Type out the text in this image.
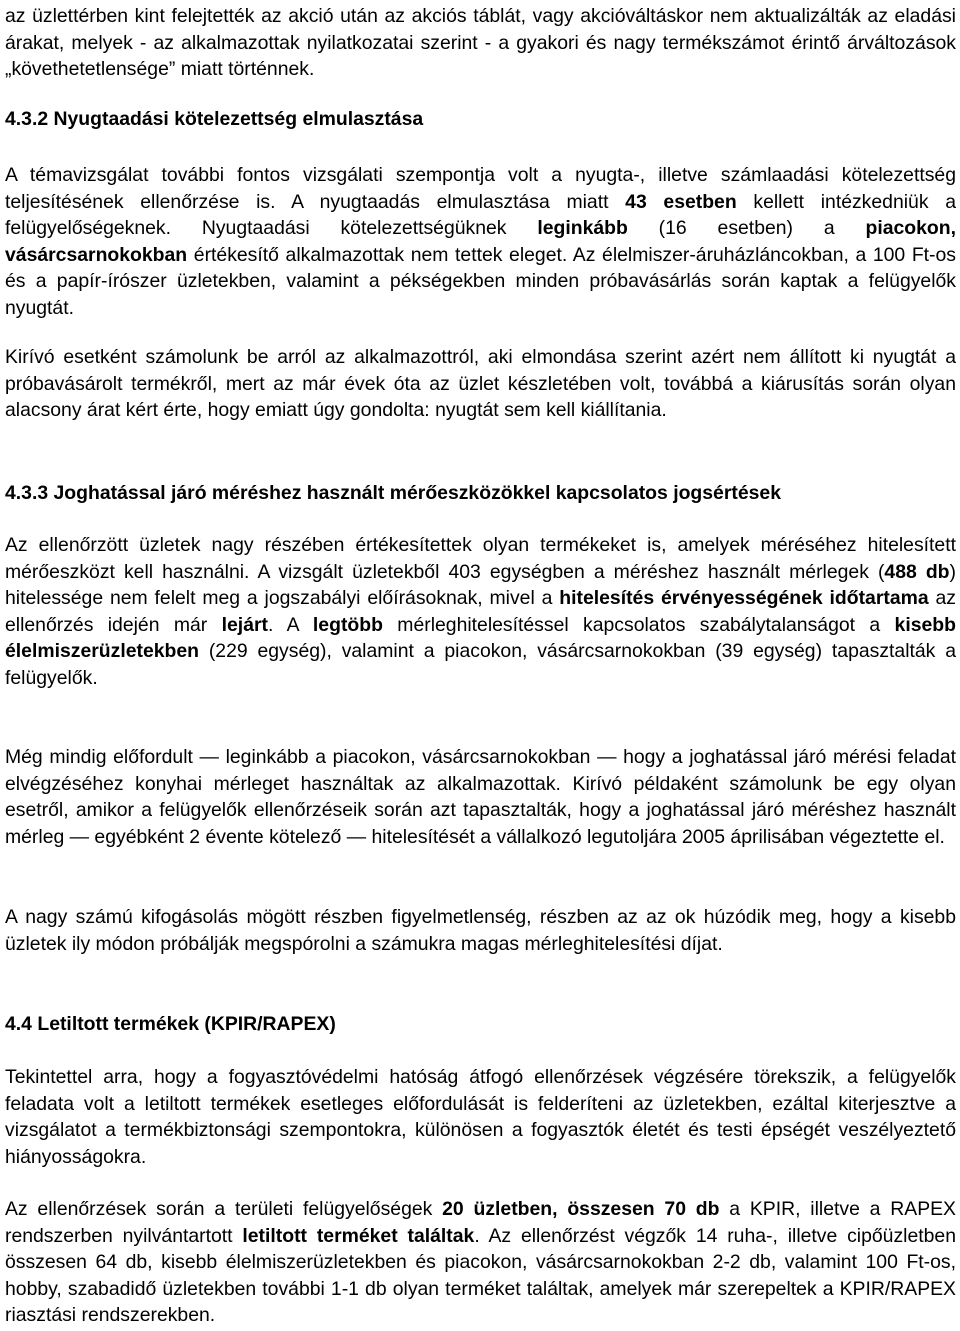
az üzlettérben kint felejtették az akció után az akciós táblát, vagy akcióváltáskor nem aktualizálták az eladási árakat, melyek - az alkalmazottak nyilatkozatai szerint - a gyakori és nagy termékszámot érintő árváltozások „követhetetlensége” miatt történnek.

4.3.2 Nyugtaadási kötelezettség elmulasztása

A témavizsgálat további fontos vizsgálati szempontja volt a nyugta-, illetve számlaadási kötelezettség teljesítésének ellenőrzése is. A nyugtaadás elmulasztása miatt 43 esetben kellett intézkedniük a felügyelőségeknek. Nyugtaadási kötelezettségüknek leginkább (16 esetben) a piacokon, vásárcsarnokokban értékesítő alkalmazottak nem tettek eleget. Az élelmiszer-áruházláncokban, a 100 Ft-os és a papír-írószer üzletekben, valamint a pékségekben minden próbavásárlás során kaptak a felügyelők nyugtát.

Kirívó esetként számolunk be arról az alkalmazottról, aki elmondása szerint azért nem állított ki nyugtát a próbavásárolt termékről, mert az már évek óta az üzlet készletében volt, továbbá a kiárusítás során olyan alacsony árat kért érte, hogy emiatt úgy gondolta: nyugtát sem kell kiállítania.

4.3.3 Joghatással járó méréshez használt mérőeszközökkel kapcsolatos jogsértések

Az ellenőrzött üzletek nagy részében értékesítettek olyan termékeket is, amelyek méréséhez hitelesített mérőeszközt kell használni. A vizsgált üzletekből 403 egységben a méréshez használt mérlegek (488 db) hitelessége nem felelt meg a jogszabályi előírásoknak, mivel a hitelesítés érvényességének időtartama az ellenőrzés idején már lejárt. A legtöbb mérleghitelesítéssel kapcsolatos szabálytalanságot a kisebb élelmiszerüzletekben (229 egység), valamint a piacokon, vásárcsarnokokban (39 egység) tapasztalták a felügyelők.

Még mindig előfordult — leginkább a piacokon, vásárcsarnokokban — hogy a joghatással járó mérési feladat elvégzéséhez konyhai mérleget használtak az alkalmazottak. Kirívó példaként számolunk be egy olyan esetről, amikor a felügyelők ellenőrzéseik során azt tapasztalták, hogy a joghatással járó méréshez használt mérleg — egyébként 2 évente kötelező — hitelesítését a vállalkozó legutoljára 2005 áprilisában végeztette el.

A nagy számú kifogásolás mögött részben figyelmetlenség, részben az az ok húzódik meg, hogy a kisebb üzletek ily módon próbálják megspórolni a számukra magas mérleghitelesítési díjat.

4.4 Letiltott termékek (KPIR/RAPEX)

Tekintettel arra, hogy a fogyasztóvédelmi hatóság átfogó ellenőrzések végzésére törekszik, a felügyelők feladata volt a letiltott termékek esetleges előfordulását is felderíteni az üzletekben, ezáltal kiterjesztve a vizsgálatot a termékbiztonsági szempontokra, különösen a fogyasztók életét és testi épségét veszélyeztető hiányosságokra.

Az ellenőrzések során a területi felügyelőségek 20 üzletben, összesen 70 db a KPIR, illetve a RAPEX rendszerben nyilvántartott letiltott terméket találtak. Az ellenőrzést végzők 14 ruha-, illetve cipőüzletben összesen 64 db, kisebb élelmiszerüzletekben és piacokon, vásárcsarnokokban 2-2 db, valamint 100 Ft-os, hobby, szabadidő üzletekben további 1-1 db olyan terméket találtak, amelyek már szerepeltek a KPIR/RAPEX riasztási rendszerekben.
